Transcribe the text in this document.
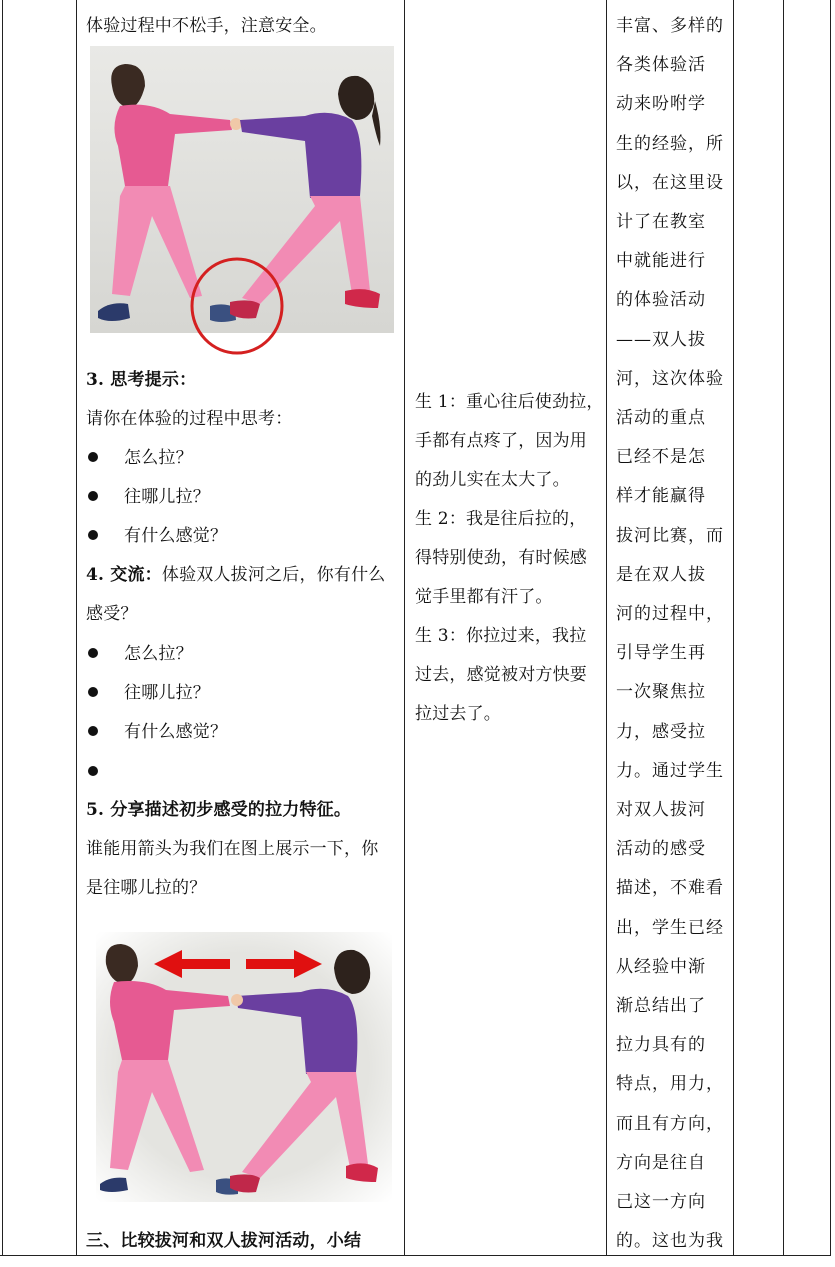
体验过程中不松手，注意安全。
3. 思考提示：
请你在体验的过程中思考：
怎么拉？
往哪儿拉？
有什么感觉？
4. 交流：体验双人拔河之后，你有什么
感受？
怎么拉？
往哪儿拉？
有什么感觉？
5. 分享描述初步感受的拉力特征。
谁能用箭头为我们在图上展示一下，你
是往哪儿拉的？
三、比较拔河和双人拔河活动，小结
生 1：重心往后使劲拉，
手都有点疼了，因为用
的劲儿实在太大了。
生 2：我是往后拉的，
得特别使劲，有时候感
觉手里都有汗了。
生 3：你拉过来，我拉
过去，感觉被对方快要
拉过去了。
丰富、多样的
各类体验活
动来吩咐学
生的经验，所
以，在这里设
计了在教室
中就能进行
的体验活动
——双人拔
河，这次体验
活动的重点
已经不是怎
样才能赢得
拔河比赛，而
是在双人拔
河的过程中，
引导学生再
一次聚焦拉
力，感受拉
力。通过学生
对双人拔河
活动的感受
描述，不难看
出，学生已经
从经验中渐
渐总结出了
拉力具有的
特点，用力，
而且有方向，
方向是往自
己这一方向
的。这也为我
